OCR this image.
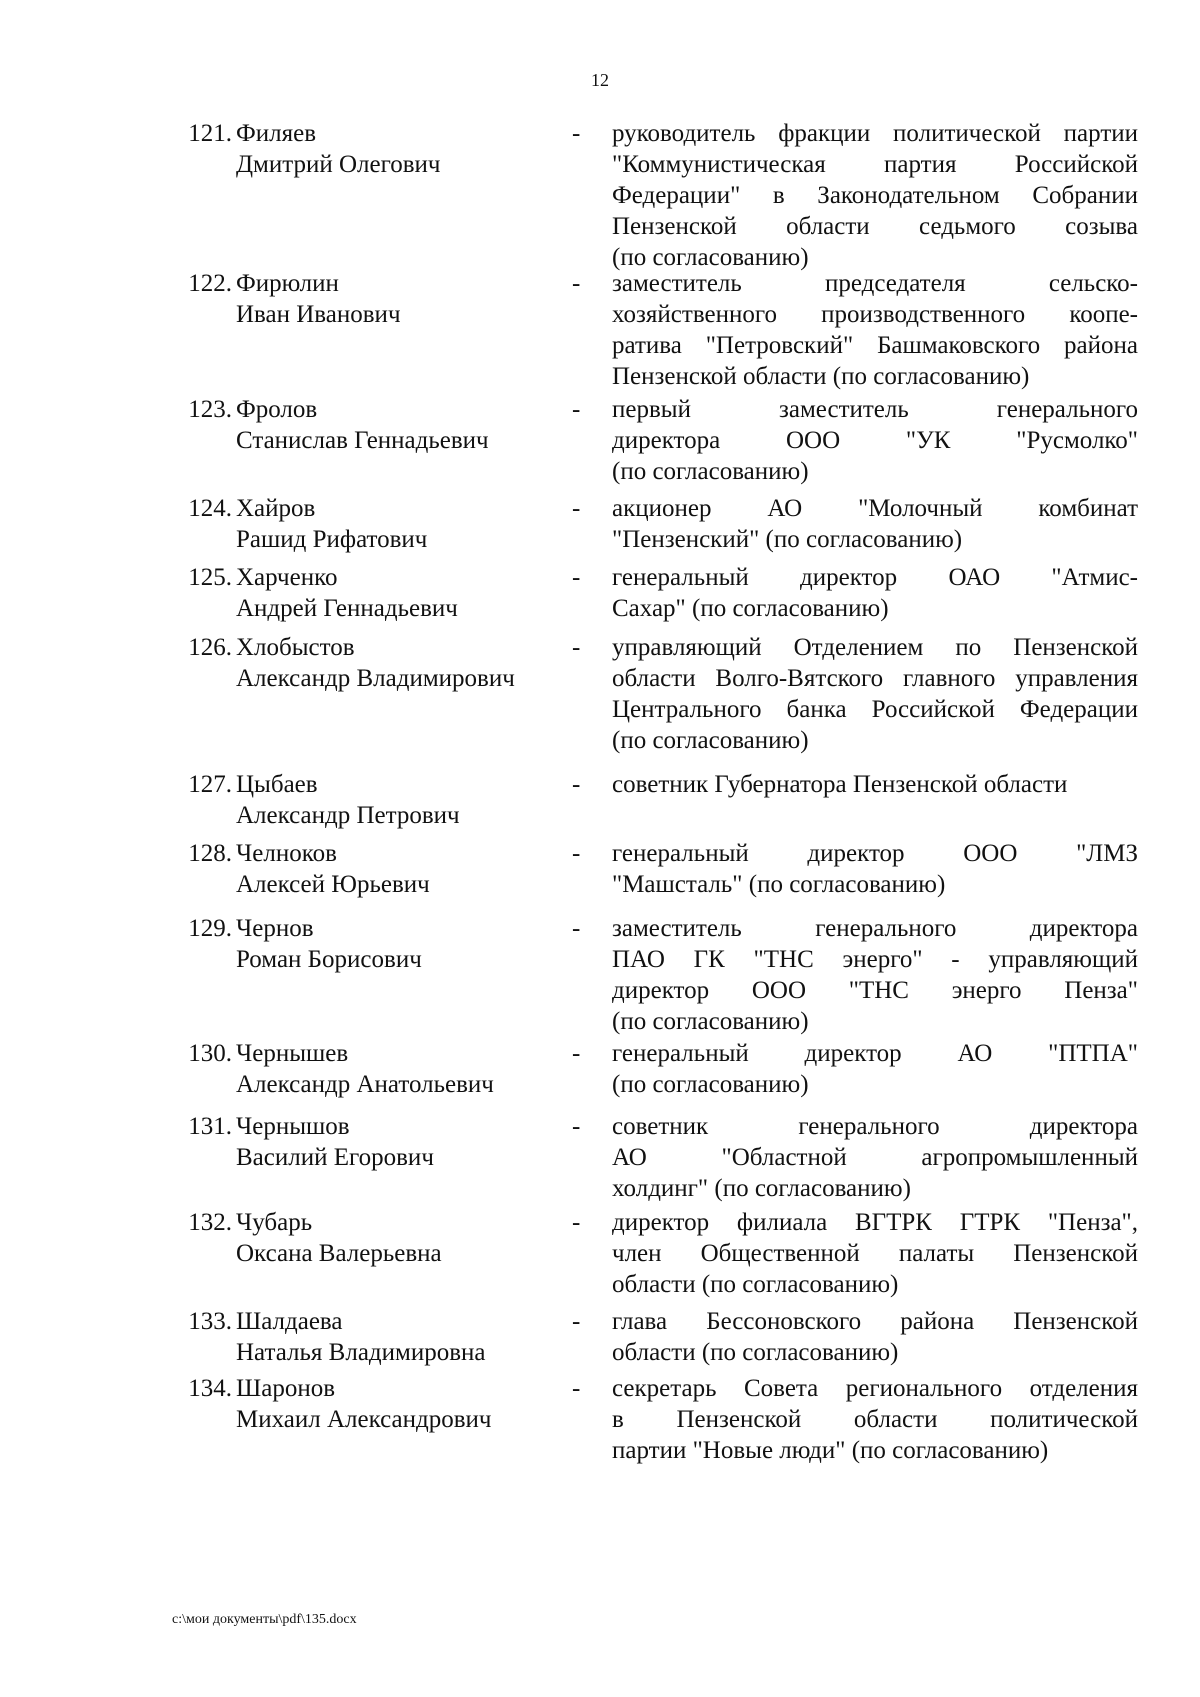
12
121. Филяев
Дмитрий Олегович
-	руководитель фракции политической партии
"Коммунистическая партия Российской
Федерации" в Законодательном Собрании
Пензенской области седьмого созыва
(по согласованию)
122. Фирюлин
Иван Иванович
-	заместитель председателя сельско-
хозяйственного производственного коопе-
ратива "Петровский" Башмаковского района
Пензенской области (по согласованию)
123. Фролов
Станислав Геннадьевич
-	первый заместитель генерального
директора ООО "УК "Русмолко"
(по согласованию)
124. Хайров
Рашид Рифатович
-	акционер АО "Молочный комбинат
"Пензенский" (по согласованию)
125. Харченко
Андрей Геннадьевич
-	генеральный директор ОАО "Атмис-
Сахар" (по согласованию)
126. Хлобыстов
Александр Владимирович
-	управляющий Отделением по Пензенской
области Волго-Вятского главного управления
Центрального банка Российской Федерации
(по согласованию)
127. Цыбаев
Александр Петрович
-	советник Губернатора Пензенской области
128. Челноков
Алексей Юрьевич
-	генеральный директор ООО "ЛМЗ
"Машсталь" (по согласованию)
129. Чернов
Роман Борисович
-	заместитель генерального директора
ПАО ГК "ТНС энерго" - управляющий
директор ООО "ТНС энерго Пенза"
(по согласованию)
130. Чернышев
Александр Анатольевич
-	генеральный директор АО "ПТПА"
(по согласованию)
131. Чернышов
Василий Егорович
-	советник генерального директора
АО "Областной агропромышленный
холдинг" (по согласованию)
132. Чубарь
Оксана Валерьевна
-	директор филиала ВГТРК ГТРК "Пенза",
член Общественной палаты Пензенской
области (по согласованию)
133. Шалдаева
Наталья Владимировна
-	глава Бессоновского района Пензенской
области (по согласованию)
134. Шаронов
Михаил Александрович
-	секретарь Совета регионального отделения
в Пензенской области политической
партии "Новые люди" (по согласованию)
c:\мои документы\pdf\135.docx
